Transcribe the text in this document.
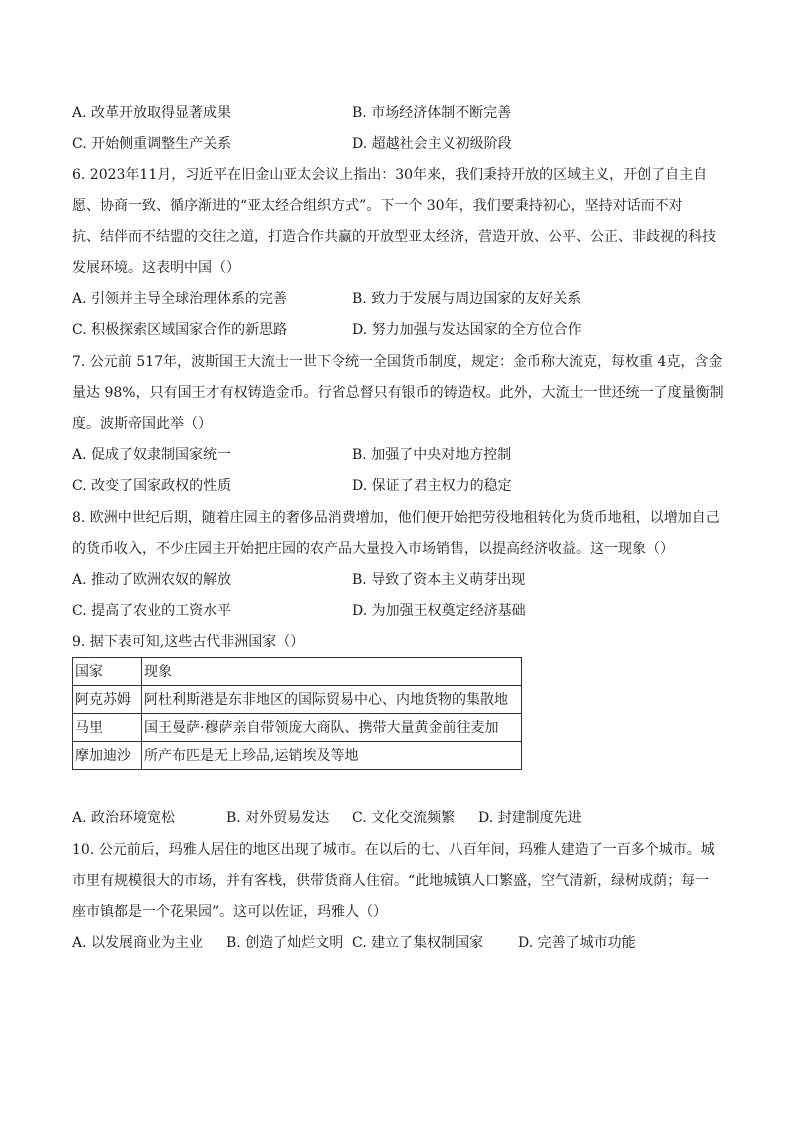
A. 改革开放取得显著成果	B. 市场经济体制不断完善
C. 开始侧重调整生产关系	D. 超越社会主义初级阶段
6. 2023年11月，习近平在旧金山亚太会议上指出：30年来，我们秉持开放的区域主义，开创了自主自
愿、协商一致、循序渐进的“亚太经合组织方式”。下一个 30年，我们要秉持初心，坚持对话而不对
抗、结伴而不结盟的交往之道，打造合作共赢的开放型亚太经济，营造开放、公平、公正、非歧视的科技
发展环境。这表明中国（）
A. 引领并主导全球治理体系的完善	B. 致力于发展与周边国家的友好关系
C. 积极探索区域国家合作的新思路	D. 努力加强与发达国家的全方位合作
7. 公元前 517年，波斯国王大流士一世下令统一全国货币制度，规定：金币称大流克，每枚重 4克，含金
量达 98%，只有国王才有权铸造金币。行省总督只有银币的铸造权。此外，大流士一世还统一了度量衡制
度。波斯帝国此举（）
A. 促成了奴隶制国家统一	B. 加强了中央对地方控制
C. 改变了国家政权的性质	D. 保证了君主权力的稳定
8. 欧洲中世纪后期，随着庄园主的奢侈品消费增加，他们便开始把劳役地租转化为货币地租，以增加自己
的货币收入，不少庄园主开始把庄园的农产品大量投入市场销售，以提高经济收益。这一现象（）
A. 推动了欧洲农奴的解放	B. 导致了资本主义萌芽出现
C. 提高了农业的工资水平	D. 为加强王权奠定经济基础
9. 据下表可知,这些古代非洲国家（）
国家	现象
阿克苏姆	阿杜利斯港是东非地区的国际贸易中心、内地货物的集散地
马里	国王曼萨·穆萨亲自带领庞大商队、携带大量黄金前往麦加
摩加迪沙	所产布匹是无上珍品,运销埃及等地
A. 政治环境宽松	B. 对外贸易发达 C. 文化交流频繁 D. 封建制度先进
10. 公元前后，玛雅人居住的地区出现了城市。在以后的七、八百年间，玛雅人建造了一百多个城市。城
市里有规模很大的市场，并有客栈，供带货商人住宿。“此地城镇人口繁盛，空气清新，绿树成荫；每一
座市镇都是一个花果园”。这可以佐证，玛雅人（）
A. 以发展商业为主业 B. 创造了灿烂文明 C. 建立了集权制国家 D. 完善了城市功能
